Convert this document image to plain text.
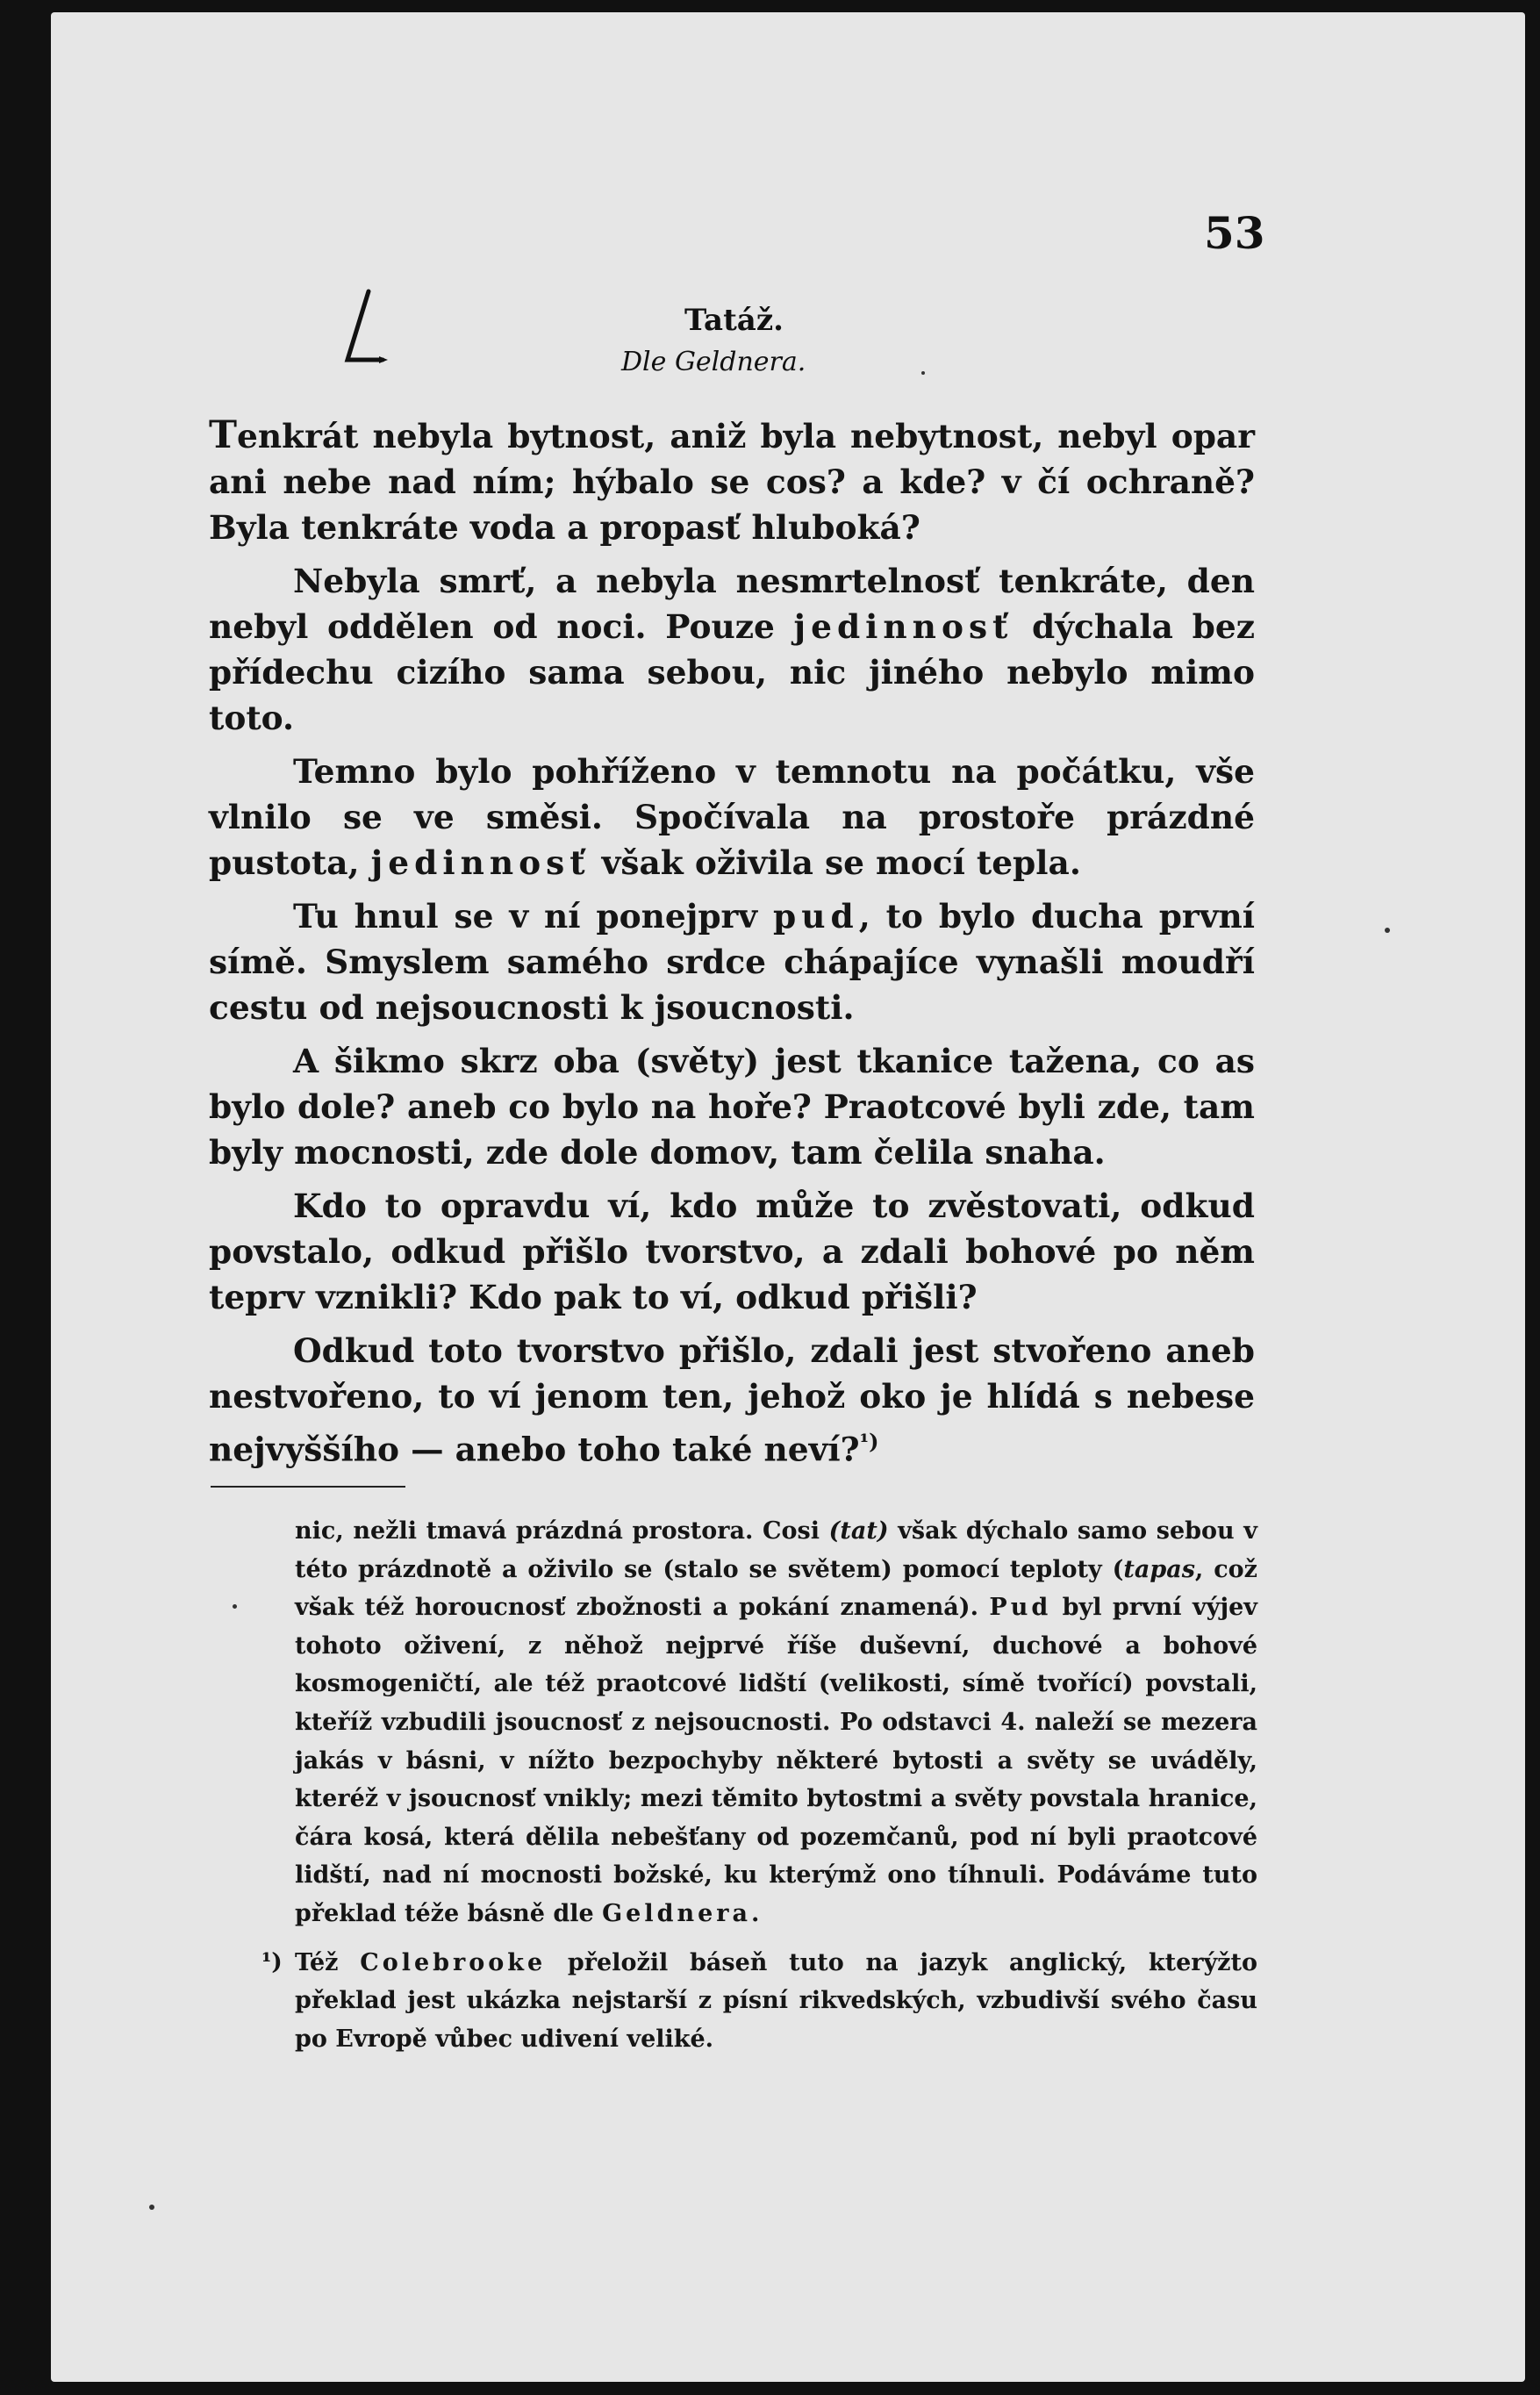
53
Tatáž.
Dle Geldnera.

Tenkrát nebyla bytnost, aniž byla nebytnost, nebyl opar ani nebe nad ním; hýbalo se cos? a kde? v čí ochraně? Byla tenkráte voda a propasť hluboká?

Nebyla smrť, a nebyla nesmrtelnosť tenkráte, den nebyl oddělen od noci. Pouze jedinnosť dýchala bez přídechu cizího sama sebou, nic jiného nebylo mimo toto.

Temno bylo pohříženo v temnotu na počátku, vše vlnilo se ve směsi. Spočívala na prostoře prázdné pustota, jedinnosť však oživila se mocí tepla.

Tu hnul se v ní ponejprv pud, to bylo ducha první símě. Smyslem samého srdce chápajíce vynašli moudří cestu od nejsoucnosti k jsoucnosti.

A šikmo skrz oba (světy) jest tkanice tažena, co as bylo dole? aneb co bylo na hoře? Praotcové byli zde, tam byly mocnosti, zde dole domov, tam čelila snaha.

Kdo to opravdu ví, kdo může to zvěstovati, odkud povstalo, odkud přišlo tvorstvo, a zdali bohové po něm teprv vznikli? Kdo pak to ví, odkud přišli?

Odkud toto tvorstvo přišlo, zdali jest stvořeno aneb nestvořeno, to ví jenom ten, jehož oko je hlídá s nebese nejvyššího — anebo toho také neví?$^{^1)}$

nic, nežli tmavá prázdná prostora. Cosi (tat) však dýchalo samo sebou v této prázdnotě a oživilo se (stalo se světem) pomocí teploty (tapas, což však též horoucnosť zbožnosti a pokání znamená). Pud byl první výjev tohoto oživení, z něhož nejprvé říše duševní, duchové a bohové kosmogeničtí, ale též praotcové lidští (velikosti, símě tvořící) povstali, kteříž vzbudili jsoucnosť z nejsoucnosti. Po odstavci 4. naleží se mezera jakás v básni, v nížto bezpochyby některé bytosti a světy se uváděly, kteréž v jsoucnosť vnikly; mezi těmito bytostmi a světy povstala hranice, čára kosá, která dělila nebešťany od pozemčanů, pod ní byli praotcové lidští, nad ní mocnosti božské, ku kterýmž ono tíhnuli. Podáváme tuto překlad téže básně dle Geldnera.

¹) Též Colebrooke přeložil báseň tuto na jazyk anglický, kterýžto překlad jest ukázka nejstarší z písní rikvedských, vzbudivší svého času po Evropě vůbec udivení veliké.
